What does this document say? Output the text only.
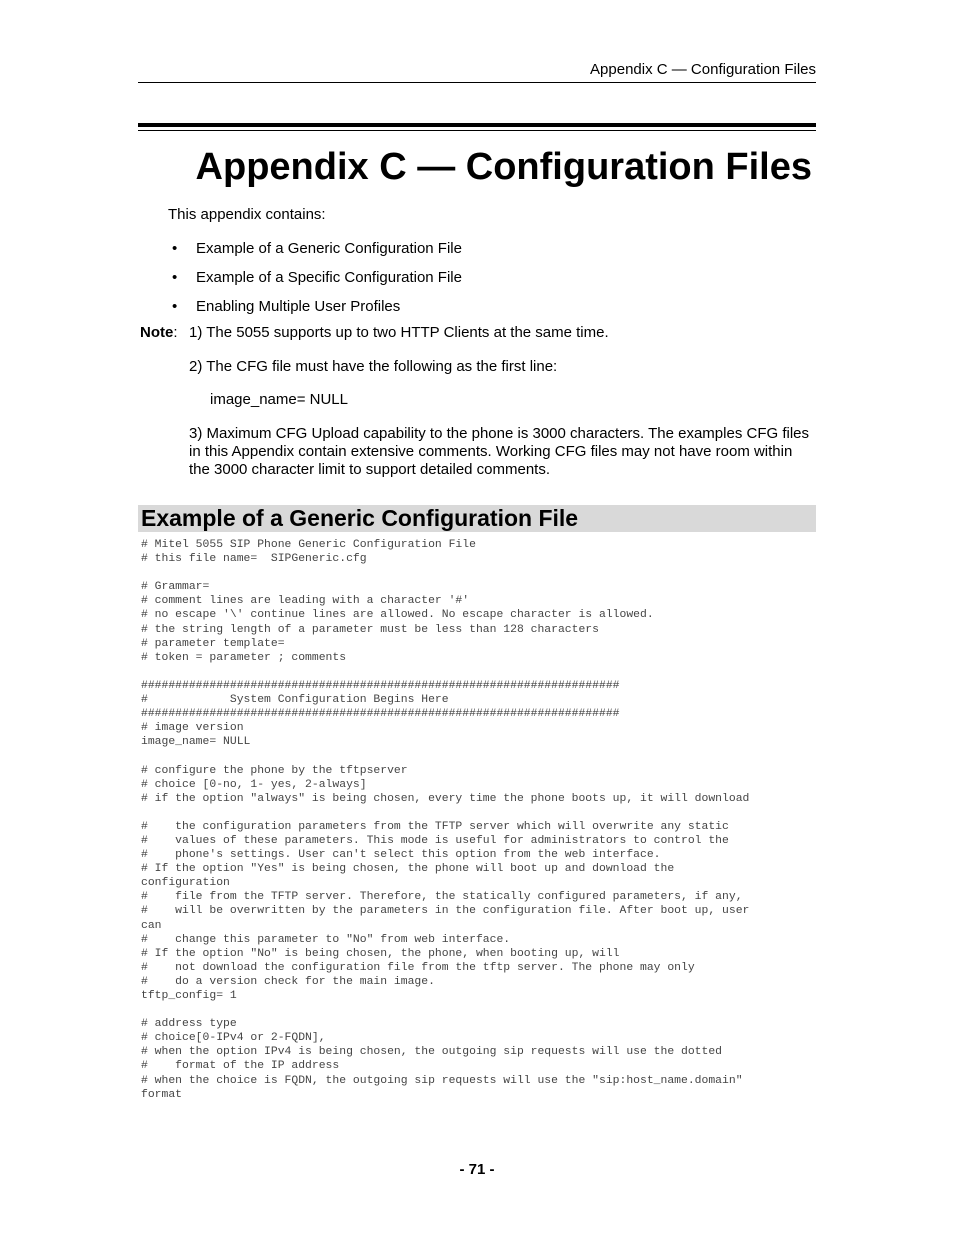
Appendix C — Configuration Files
Appendix C — Configuration Files
This appendix contains:
• Example of a Generic Configuration File
• Example of a Specific Configuration File
• Enabling Multiple User Profiles
Note: 1) The 5055 supports up to two HTTP Clients at the same time.
2) The CFG file must have the following as the first line:
image_name= NULL
3) Maximum CFG Upload capability to the phone is 3000 characters. The examples CFG files in this Appendix contain extensive comments. Working CFG files may not have room within the 3000 character limit to support detailed comments.
Example of a Generic Configuration File
# Mitel 5055 SIP Phone Generic Configuration File
# this file name=  SIPGeneric.cfg

# Grammar=
# comment lines are leading with a character '#'
# no escape '\' continue lines are allowed. No escape character is allowed.
# the string length of a parameter must be less than 128 characters
# parameter template=
# token = parameter ; comments

######################################################################
#            System Configuration Begins Here
######################################################################
# image version
image_name= NULL

# configure the phone by the tftpserver
# choice [0-no, 1- yes, 2-always]
# if the option "always" is being chosen, every time the phone boots up, it will download

#    the configuration parameters from the TFTP server which will overwrite any static
#    values of these parameters. This mode is useful for administrators to control the
#    phone's settings. User can't select this option from the web interface.
# If the option "Yes" is being chosen, the phone will boot up and download the
configuration
#    file from the TFTP server. Therefore, the statically configured parameters, if any,
#    will be overwritten by the parameters in the configuration file. After boot up, user
can
#    change this parameter to "No" from web interface.
# If the option "No" is being chosen, the phone, when booting up, will
#    not download the configuration file from the tftp server. The phone may only
#    do a version check for the main image.
tftp_config= 1

# address type
# choice[0-IPv4 or 2-FQDN],
# when the option IPv4 is being chosen, the outgoing sip requests will use the dotted
#    format of the IP address
# when the choice is FQDN, the outgoing sip requests will use the "sip:host_name.domain"
format
- 71 -
